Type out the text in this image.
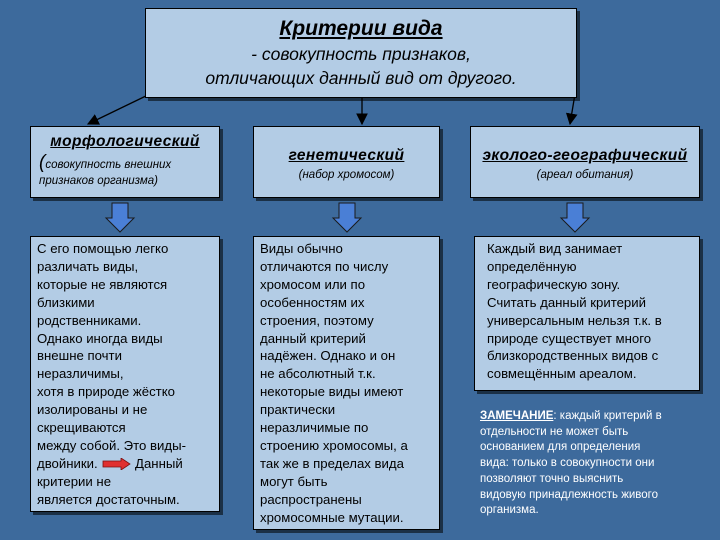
Критерии вида
- совокупность признаков,
отличающих данный вид от другого.
морфологический
(совокупность внешних
признаков организма)
генетический
(набор хромосом)
эколого-географический
(ареал обитания)
С его помощью легко
различать виды,
которые не являются
близкими
родственниками.
Однако иногда виды
внешне почти
неразличимы,
хотя в природе жёстко
изолированы и не
скрещиваются
между собой. Это виды-
двойники.	Данный
критерии не
является достаточным.
Виды обычно
отличаются по числу
хромосом или по
особенностям их
строения, поэтому
данный критерий
надёжен. Однако и он
не абсолютный т.к.
некоторые виды имеют
практически
неразличимые по
строению хромосомы, а
так же в пределах вида
могут быть
распространены
хромосомные мутации.
Каждый вид занимает
определённую
географическую зону.
Считать данный критерий
универсальным нельзя т.к. в
природе существует много
близкородственных видов с
совмещённым ареалом.
ЗАМЕЧАНИЕ: каждый критерий в
отдельности не может быть
основанием для определения
вида: только в совокупности они
позволяют точно выяснить
видовую принадлежность живого
организма.
